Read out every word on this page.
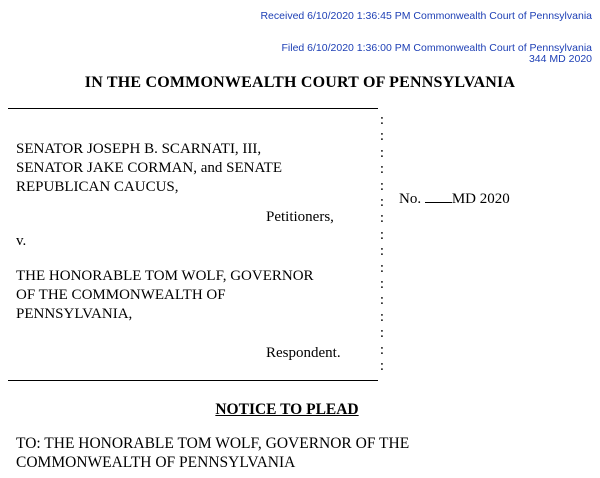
Received 6/10/2020 1:36:45 PM Commonwealth Court of Pennsylvania
Filed 6/10/2020 1:36:00 PM Commonwealth Court of Pennsylvania
344 MD 2020
IN THE COMMONWEALTH COURT OF PENNSYLVANIA
SENATOR JOSEPH B. SCARNATI, III,
SENATOR JAKE CORMAN, and SENATE
REPUBLICAN CAUCUS,
Petitioners,
v.
THE HONORABLE TOM WOLF, GOVERNOR
OF THE COMMONWEALTH OF
PENNSYLVANIA,
Respondent.
:
:
:
:
:
:
:
:
:
:
:
:
:
:
:
:
No. MD 2020
NOTICE TO PLEAD
TO: THE HONORABLE TOM WOLF, GOVERNOR OF THE
COMMONWEALTH OF PENNSYLVANIA
